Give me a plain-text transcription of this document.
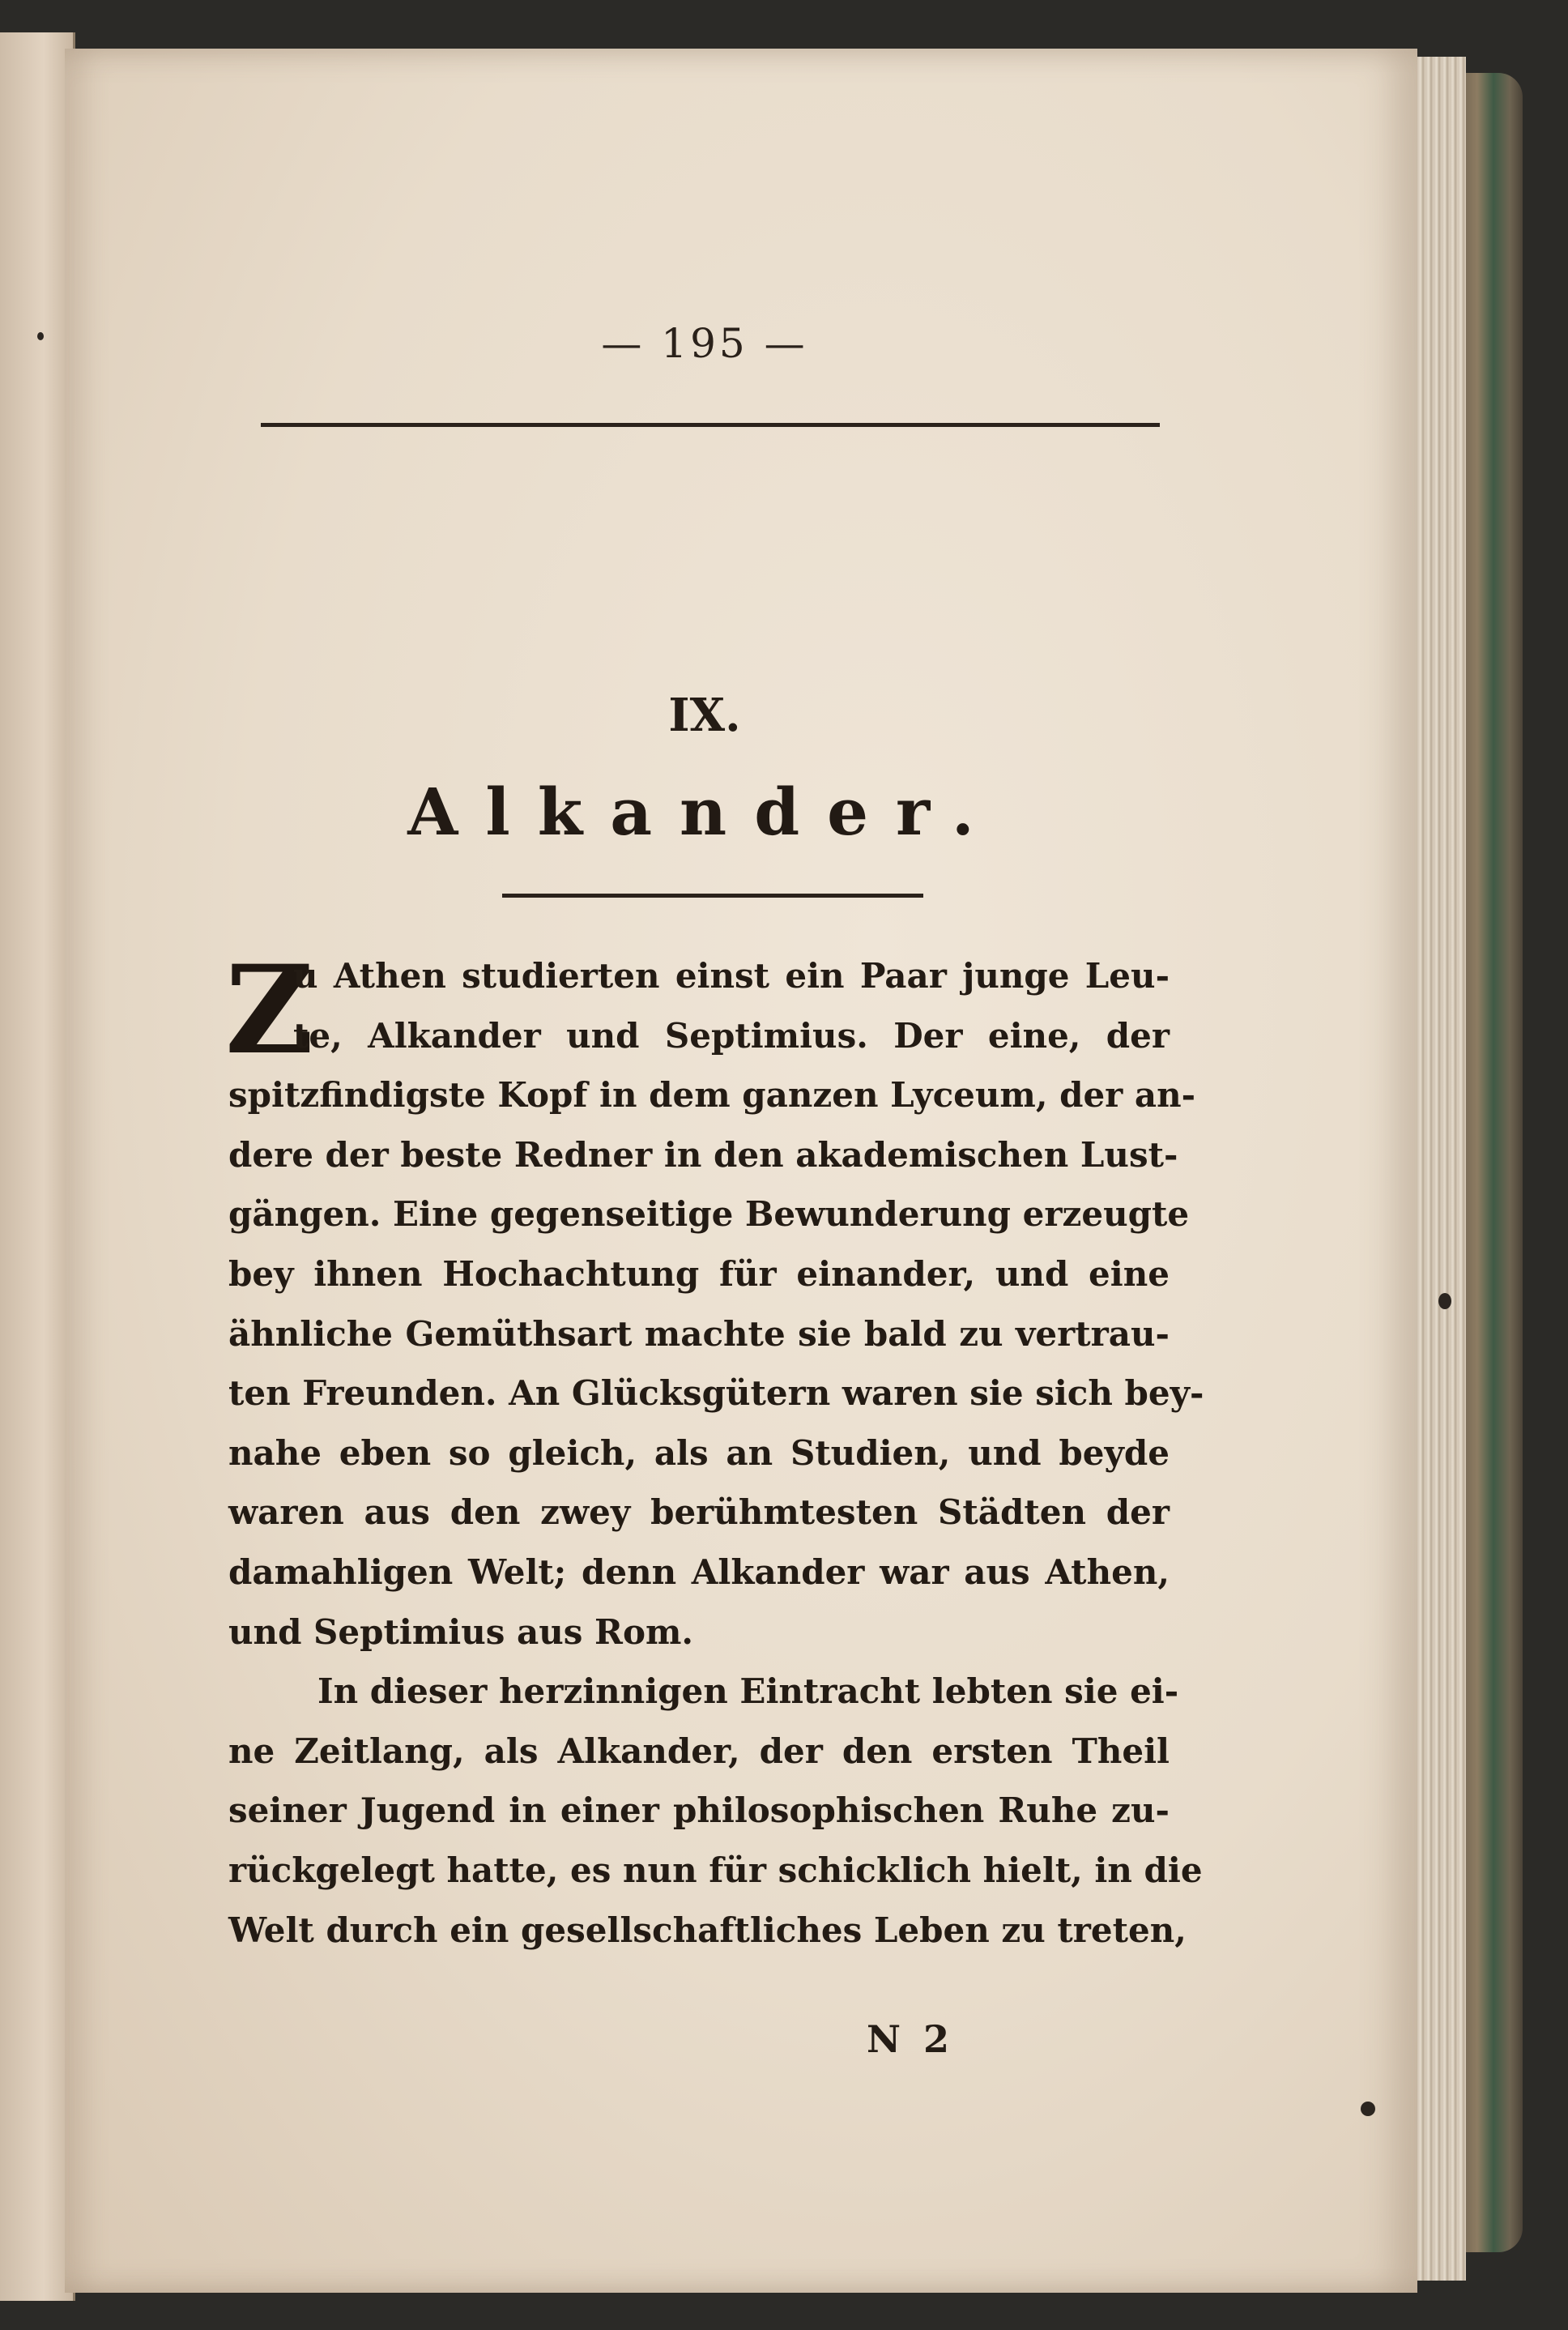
— 195 —
IX.
Alkander.
Z
u Athen studierten einst ein Paar junge Leu-
te, Alkander und Septimius. Der eine, der
spitzfindigste Kopf in dem ganzen Lyceum, der an-
dere der beste Redner in den akademischen Lust-
gängen. Eine gegenseitige Bewunderung erzeugte
bey ihnen Hochachtung für einander, und eine
ähnliche Gemüthsart machte sie bald zu vertrau-
ten Freunden. An Glücksgütern waren sie sich bey-
nahe eben so gleich, als an Studien, und beyde
waren aus den zwey berühmtesten Städten der
damahligen Welt; denn Alkander war aus Athen,
und Septimius aus Rom.
In dieser herzinnigen Eintracht lebten sie ei-
ne Zeitlang, als Alkander, der den ersten Theil
seiner Jugend in einer philosophischen Ruhe zu-
rückgelegt hatte, es nun für schicklich hielt, in die
Welt durch ein gesellschaftliches Leben zu treten,
N 2
